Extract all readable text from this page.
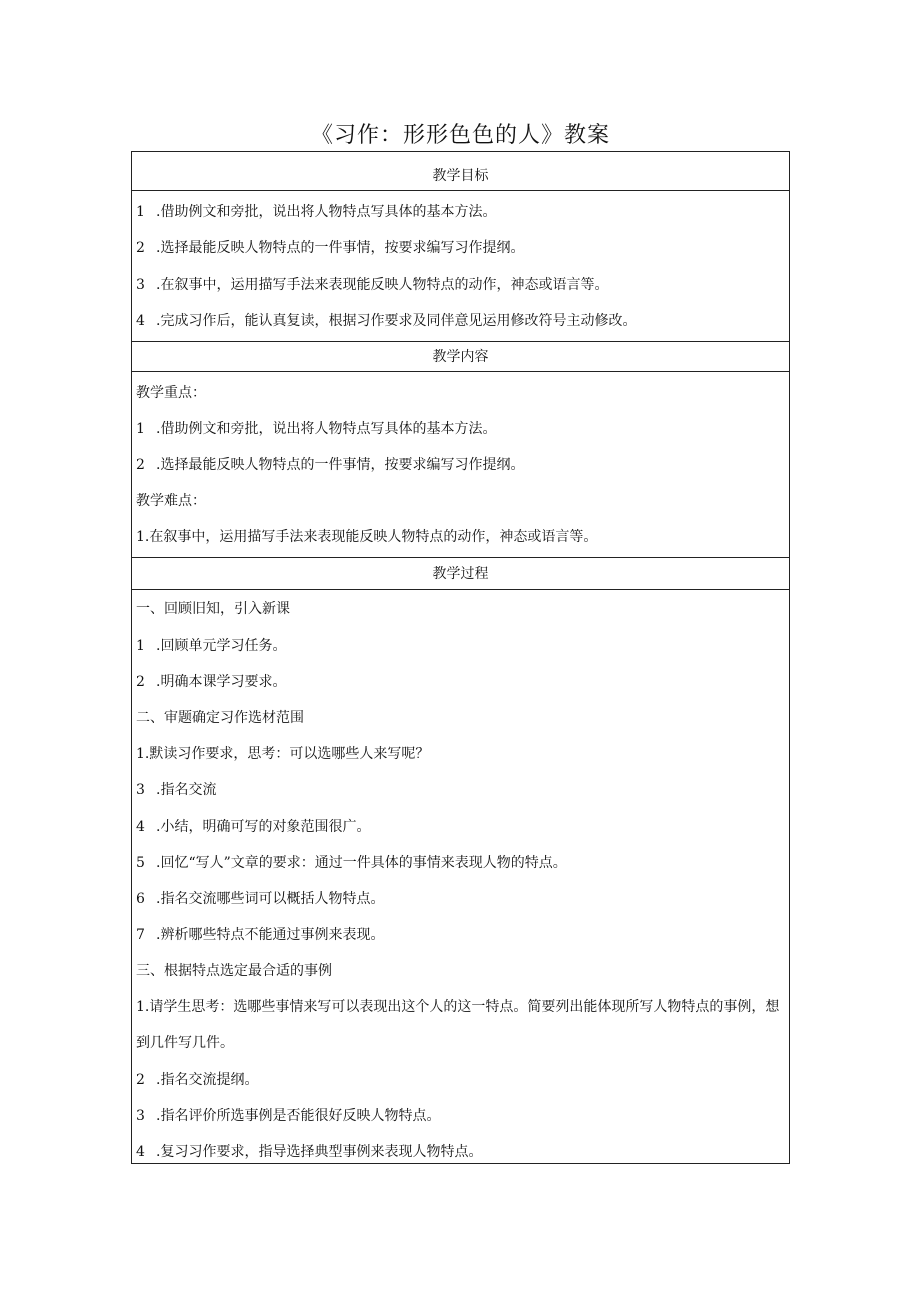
《习作：形形色色的人》教案
教学目标
1 .借助例文和旁批，说出将人物特点写具体的基本方法。
2 .选择最能反映人物特点的一件事情，按要求编写习作提纲。
3 .在叙事中，运用描写手法来表现能反映人物特点的动作，神态或语言等。
4 .完成习作后，能认真复读，根据习作要求及同伴意见运用修改符号主动修改。
教学内容
教学重点：
1 .借助例文和旁批，说出将人物特点写具体的基本方法。
2 .选择最能反映人物特点的一件事情，按要求编写习作提纲。
教学难点：
1.在叙事中，运用描写手法来表现能反映人物特点的动作，神态或语言等。
教学过程
一、回顾旧知，引入新课
1 .回顾单元学习任务。
2 .明确本课学习要求。
二、审题确定习作选材范围
1.默读习作要求，思考：可以选哪些人来写呢？
3 .指名交流
4 .小结，明确可写的对象范围很广。
5 .回忆“写人”文章的要求：通过一件具体的事情来表现人物的特点。
6 .指名交流哪些词可以概括人物特点。
7 .辨析哪些特点不能通过事例来表现。
三、根据特点选定最合适的事例
1.请学生思考：选哪些事情来写可以表现出这个人的这一特点。简要列出能体现所写人物特点的事例，想到几件写几件。
2 .指名交流提纲。
3 .指名评价所选事例是否能很好反映人物特点。
4 .复习习作要求，指导选择典型事例来表现人物特点。
